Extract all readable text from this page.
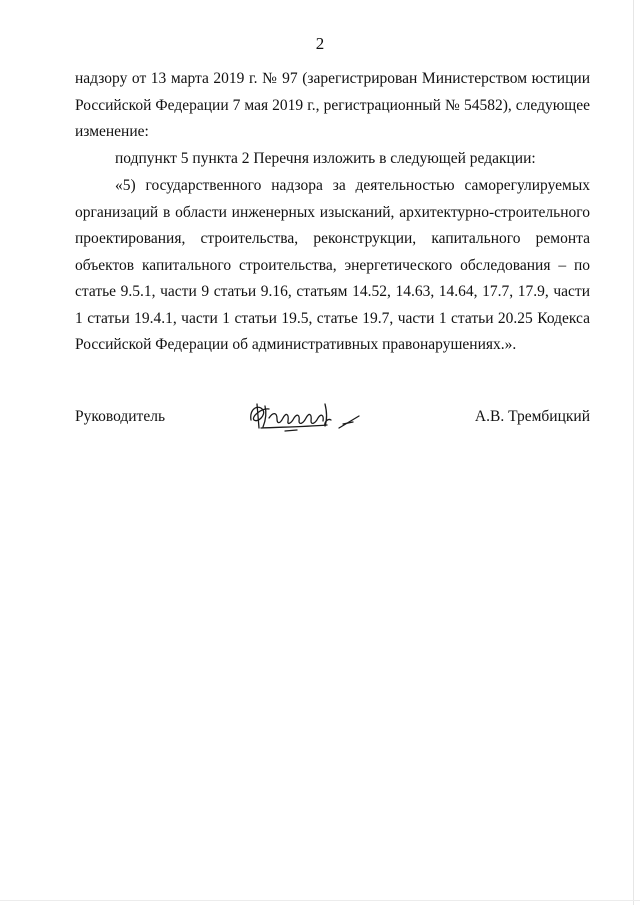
2

надзору от 13 марта 2019 г. № 97 (зарегистрирован Министерством юстиции Российской Федерации 7 мая 2019 г., регистрационный № 54582), следующее изменение:

подпункт 5 пункта 2 Перечня изложить в следующей редакции:

«5) государственного надзора за деятельностью саморегулируемых организаций в области инженерных изысканий, архитектурно-строительного проектирования, строительства, реконструкции, капитального ремонта объектов капитального строительства, энергетического обследования – по статье 9.5.1, части 9 статьи 9.16, статьям 14.52, 14.63, 14.64, 17.7, 17.9, части 1 статьи 19.4.1, части 1 статьи 19.5, статье 19.7, части 1 статьи 20.25 Кодекса Российской Федерации об административных правонарушениях.».

Руководитель	А.В. Трембицкий
